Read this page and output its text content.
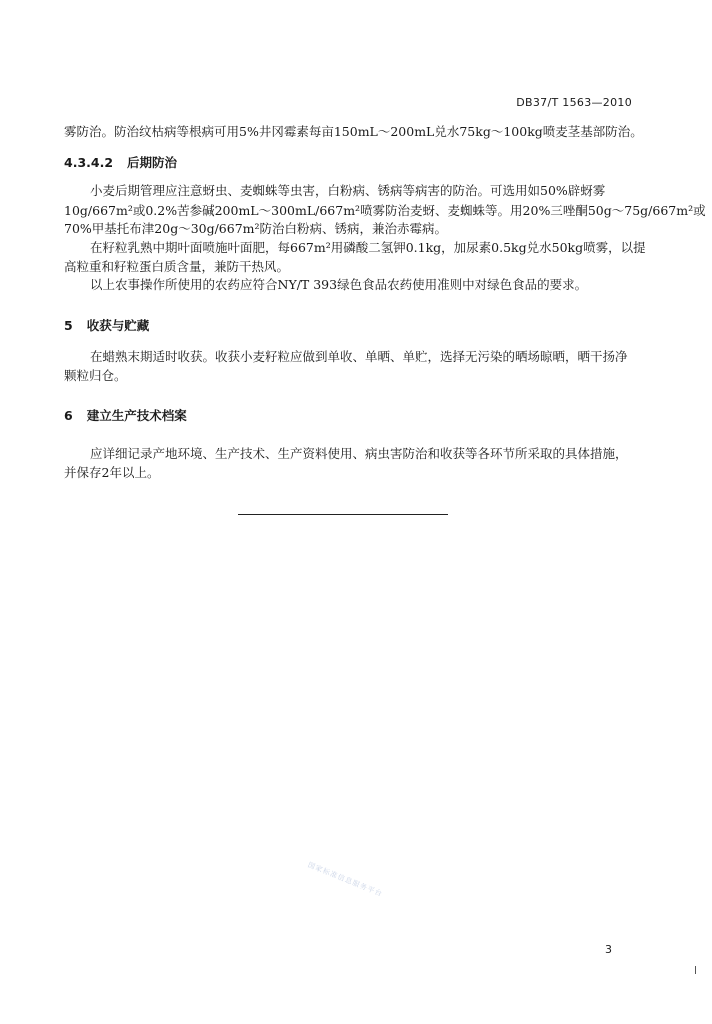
DB37/T 1563—2010
雾防治。防治纹枯病等根病可用5%井冈霉素每亩150mL～200mL兑水75kg～100kg喷麦茎基部防治。
4.3.4.2 后期防治
小麦后期管理应注意蚜虫、麦蜘蛛等虫害，白粉病、锈病等病害的防治。可选用如50%辟蚜雾
10g/667m²或0.2%苦参碱200mL～300mL/667m²喷雾防治麦蚜、麦蜘蛛等。用20%三唑酮50g～75g/667m²或
70%甲基托布津20g～30g/667m²防治白粉病、锈病，兼治赤霉病。
在籽粒乳熟中期叶面喷施叶面肥，每667m²用磷酸二氢钾0.1kg，加尿素0.5kg兑水50kg喷雾，以提
高粒重和籽粒蛋白质含量，兼防干热风。
以上农事操作所使用的农药应符合NY/T 393绿色食品农药使用准则中对绿色食品的要求。
5 收获与贮藏
在蜡熟末期适时收获。收获小麦籽粒应做到单收、单晒、单贮，选择无污染的晒场晾晒，晒干扬净
颗粒归仓。
6 建立生产技术档案
应详细记录产地环境、生产技术、生产资料使用、病虫害防治和收获等各环节所采取的具体措施，
并保存2年以上。
国家标准信息服务平台
3
